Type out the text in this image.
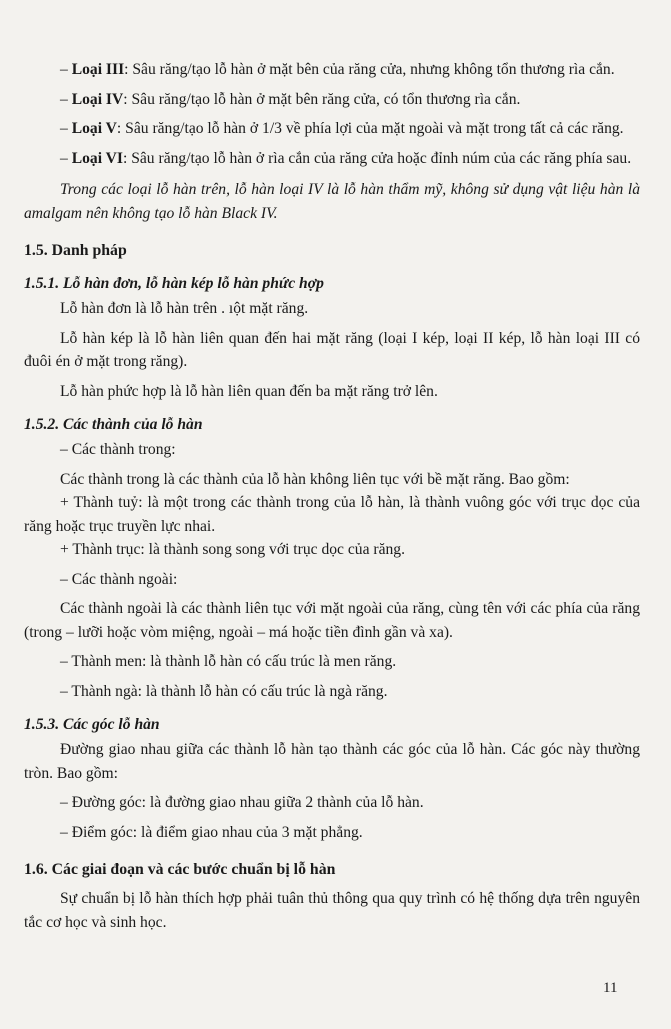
– Loại III: Sâu răng/tạo lỗ hàn ở mặt bên của răng cửa, nhưng không tổn thương rìa cắn.

– Loại IV: Sâu răng/tạo lỗ hàn ở mặt bên răng cửa, có tổn thương rìa cắn.

– Loại V: Sâu răng/tạo lỗ hàn ở 1/3 về phía lợi của mặt ngoài và mặt trong tất cả các răng.

– Loại VI: Sâu răng/tạo lỗ hàn ở rìa cắn của răng cửa hoặc đỉnh núm của các răng phía sau.

Trong các loại lỗ hàn trên, lỗ hàn loại IV là lỗ hàn thẩm mỹ, không sử dụng vật liệu hàn là amalgam nên không tạo lỗ hàn Black IV.

1.5. Danh pháp
1.5.1. Lỗ hàn đơn, lỗ hàn kép lỗ hàn phức hợp

Lỗ hàn đơn là lỗ hàn trên . ıột mặt răng.

Lỗ hàn kép là lỗ hàn liên quan đến hai mặt răng (loại I kép, loại II kép, lỗ hàn loại III có đuôi én ở mặt trong răng).

Lỗ hàn phức hợp là lỗ hàn liên quan đến ba mặt răng trở lên.

1.5.2. Các thành của lỗ hàn

– Các thành trong:

Các thành trong là các thành của lỗ hàn không liên tục với bề mặt răng. Bao gồm:

+ Thành tuỷ: là một trong các thành trong của lỗ hàn, là thành vuông góc với trục dọc của răng hoặc trục truyền lực nhai.

+ Thành trục: là thành song song với trục dọc của răng.

– Các thành ngoài:

Các thành ngoài là các thành liên tục với mặt ngoài của răng, cùng tên với các phía của răng (trong – lưỡi hoặc vòm miệng, ngoài – má hoặc tiền đình gần và xa).

– Thành men: là thành lỗ hàn có cấu trúc là men răng.

– Thành ngà: là thành lỗ hàn có cấu trúc là ngà răng.

1.5.3. Các góc lỗ hàn

Đường giao nhau giữa các thành lỗ hàn tạo thành các góc của lỗ hàn. Các góc này thường tròn. Bao gồm:

– Đường góc: là đường giao nhau giữa 2 thành của lỗ hàn.

– Điểm góc: là điểm giao nhau của 3 mặt phẳng.

1.6. Các giai đoạn và các bước chuẩn bị lỗ hàn

Sự chuẩn bị lỗ hàn thích hợp phải tuân thủ thông qua quy trình có hệ thống dựa trên nguyên tắc cơ học và sinh học.

11
